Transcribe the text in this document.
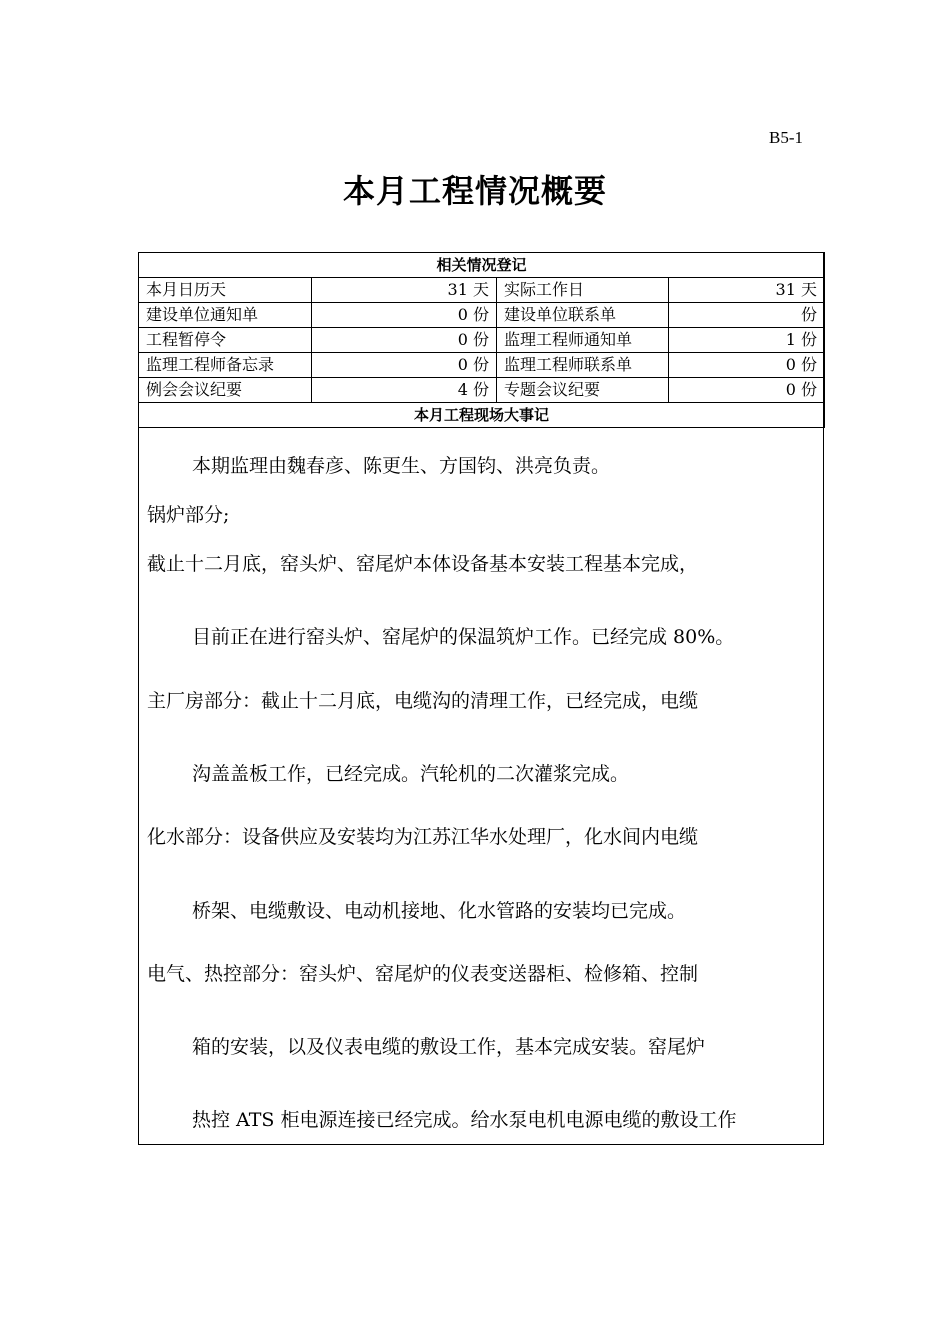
B5-1
本月工程情况概要
相关情况登记			
本月日历天	31 天	实际工作日	31 天
建设单位通知单	0 份	建设单位联系单	份
工程暂停令	0 份	监理工程师通知单	1 份
监理工程师备忘录	0 份	监理工程师联系单	0 份
例会会议纪要	4 份	专题会议纪要	0 份
本月工程现场大事记			

本期监理由魏春彦、陈更生、方国钧、洪亮负责。

锅炉部分;

截止十二月底，窑头炉、窑尾炉本体设备基本安装工程基本完成，

目前正在进行窑头炉、窑尾炉的保温筑炉工作。已经完成 80%。

主厂房部分：截止十二月底，电缆沟的清理工作，已经完成，电缆

沟盖盖板工作，已经完成。汽轮机的二次灌浆完成。

化水部分：设备供应及安装均为江苏江华水处理厂，化水间内电缆

桥架、电缆敷设、电动机接地、化水管路的安装均已完成。

电气、热控部分：窑头炉、窑尾炉的仪表变送器柜、检修箱、控制

箱的安装，以及仪表电缆的敷设工作，基本完成安装。窑尾炉

热控 ATS 柜电源连接已经完成。给水泵电机电源电缆的敷设工作
